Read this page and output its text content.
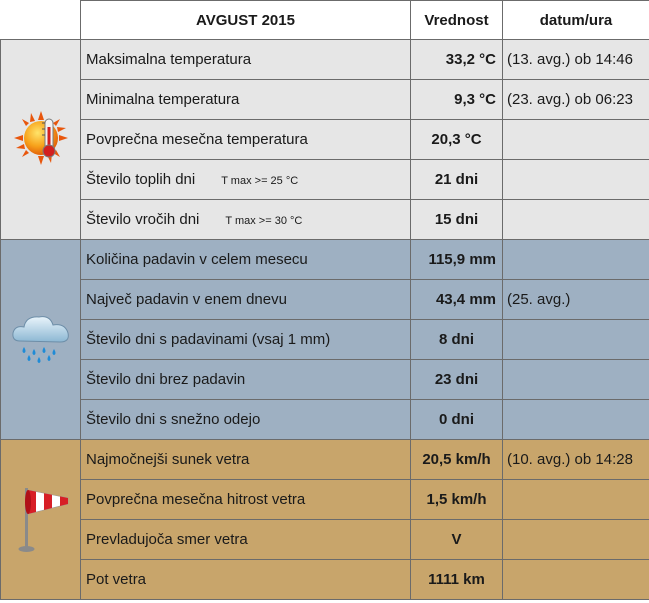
	AVGUST 2015	Vrednost	datum/ura
	Maksimalna temperatura	33,2 °C	(13. avg.) ob 14:46
	Minimalna temperatura	9,3 °C	(23. avg.) ob 06:23
	Povprečna mesečna temperatura	20,3 °C	
	Število toplih dni T max >= 25 °C	21 dni	
	Število vročih dni T max >= 30 °C	15 dni	
	Količina padavin v celem mesecu	115,9 mm	
	Največ padavin v enem dnevu	43,4 mm	(25. avg.)
	Število dni s padavinami (vsaj 1 mm)	8 dni	
	Število dni brez padavin	23 dni	
	Število dni s snežno odejo	0 dni	
	Najmočnejši sunek vetra	20,5 km/h	(10. avg.) ob 14:28
	Povprečna mesečna hitrost vetra	1,5 km/h	
	Prevladujoča smer vetra	V	
	Pot vetra	1111 km	
